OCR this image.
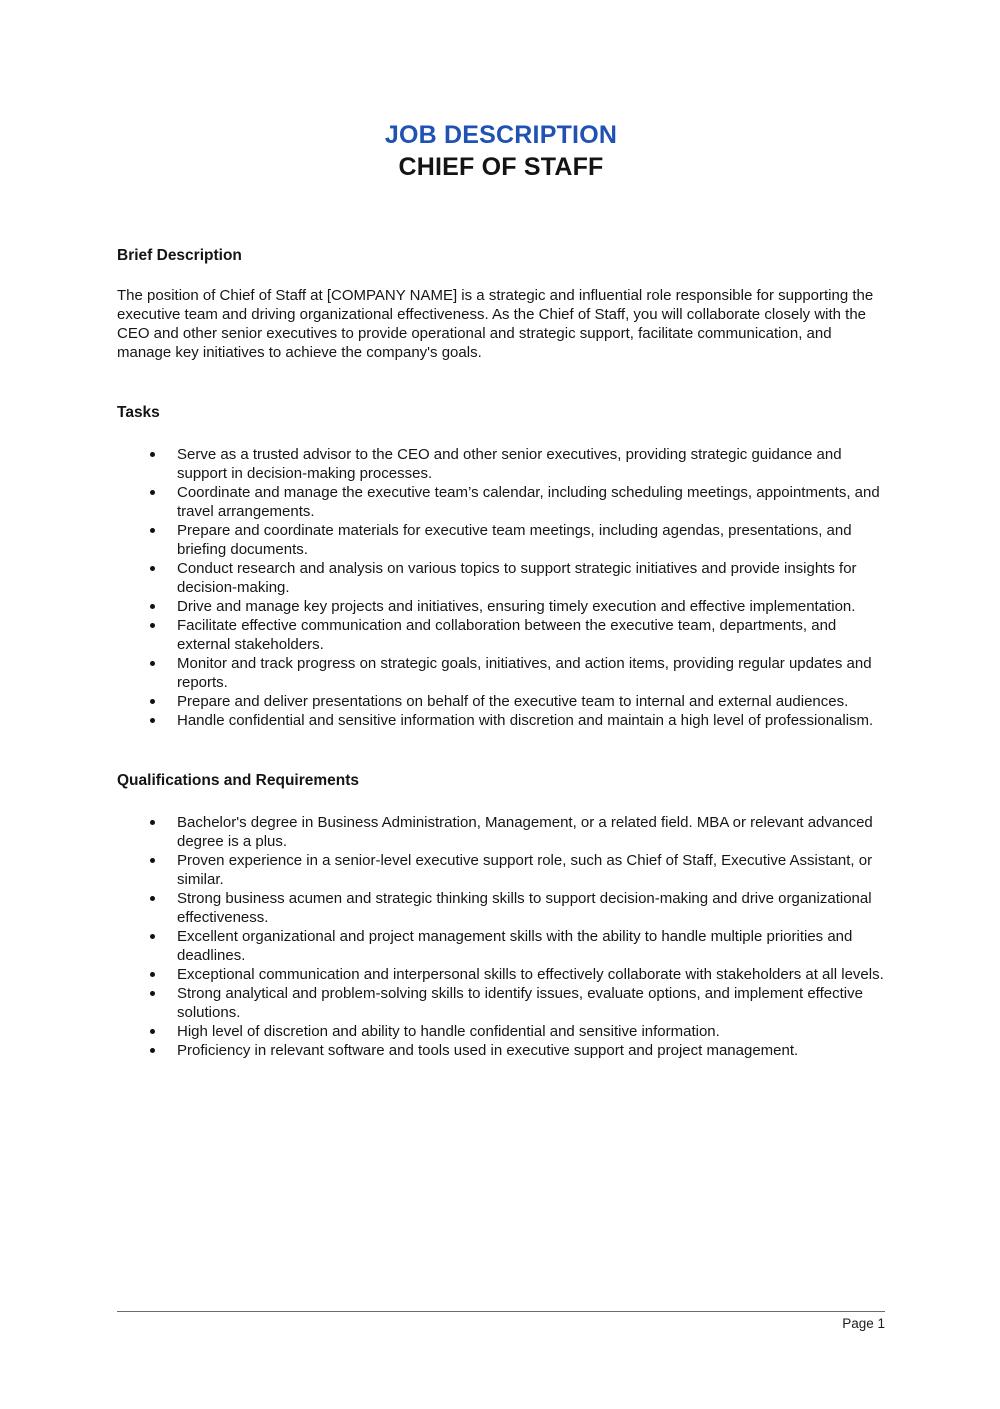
JOB DESCRIPTION
CHIEF OF STAFF
Brief Description

The position of Chief of Staff at [COMPANY NAME] is a strategic and influential role responsible for supporting the executive team and driving organizational effectiveness. As the Chief of Staff, you will collaborate closely with the CEO and other senior executives to provide operational and strategic support, facilitate communication, and manage key initiatives to achieve the company's goals.

Tasks
Serve as a trusted advisor to the CEO and other senior executives, providing strategic guidance and support in decision-making processes.
Coordinate and manage the executive team’s calendar, including scheduling meetings, appointments, and travel arrangements.
Prepare and coordinate materials for executive team meetings, including agendas, presentations, and briefing documents.
Conduct research and analysis on various topics to support strategic initiatives and provide insights for decision-making.
Drive and manage key projects and initiatives, ensuring timely execution and effective implementation.
Facilitate effective communication and collaboration between the executive team, departments, and external stakeholders.
Monitor and track progress on strategic goals, initiatives, and action items, providing regular updates and reports.
Prepare and deliver presentations on behalf of the executive team to internal and external audiences.
Handle confidential and sensitive information with discretion and maintain a high level of professionalism.
Qualifications and Requirements
Bachelor's degree in Business Administration, Management, or a related field. MBA or relevant advanced degree is a plus.
Proven experience in a senior-level executive support role, such as Chief of Staff, Executive Assistant, or similar.
Strong business acumen and strategic thinking skills to support decision-making and drive organizational effectiveness.
Excellent organizational and project management skills with the ability to handle multiple priorities and deadlines.
Exceptional communication and interpersonal skills to effectively collaborate with stakeholders at all levels.
Strong analytical and problem-solving skills to identify issues, evaluate options, and implement effective solutions.
High level of discretion and ability to handle confidential and sensitive information.
Proficiency in relevant software and tools used in executive support and project management.
Page 1
